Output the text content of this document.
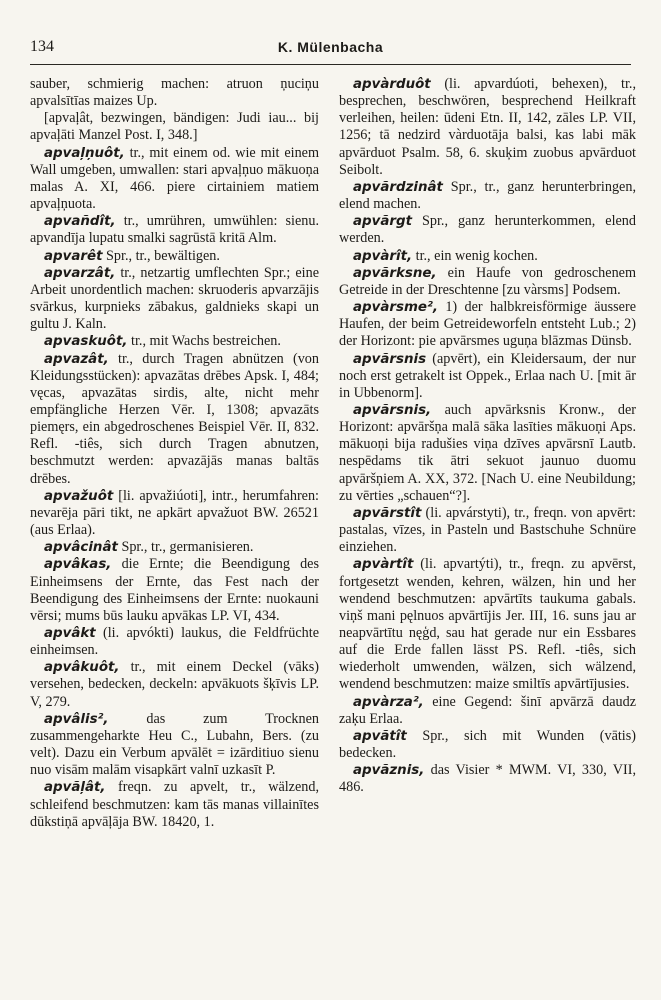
134	K. Mülenbacha

sauber, schmierig machen: atruon ņuciņu apvalsītīas maizes Up.

[apvaļât, bezwingen, bändigen: Judi iau... bij apvaļāti Manzel Post. I, 348.]

apvaļņuôt, tr., mit einem od. wie mit einem Wall umgeben, umwallen: stari apvaļņuo mākuoņa malas A. XI, 466. piere cirtainiem matiem apvaļņuota.

apvañdît, tr., umrühren, umwühlen: sienu. apvandīja lupatu smalki sagrūstā kritā Alm.

apvarêt Spr., tr., bewältigen.

apvarzât, tr., netzartig umflechten Spr.; eine Arbeit unordentlich machen: skruoderis apvarzājis svārkus, kurpnieks zābakus, galdnieks skapi un gultu J. Kaln.

apvaskuôt, tr., mit Wachs bestreichen.

apvazât, tr., durch Tragen abnützen (von Kleidungsstücken): apvazātas drēbes Apsk. I, 484; vęcas, apvazātas sirdis, alte, nicht mehr empfängliche Herzen Vēr. I, 1308; apvazāts piemęrs, ein abgedroschenes Beispiel Vēr. II, 832. Refl. -tiês, sich durch Tragen abnutzen, beschmutzt werden: apvazājās manas baltās drēbes.

apvažuôt [li. apvažiúoti], intr., herumfahren: nevarēja pāri tikt, ne apkārt apvažuot BW. 26521 (aus Erlaa).

apvâcinât Spr., tr., germanisieren.

apvâkas, die Ernte; die Beendigung des Einheimsens der Ernte, das Fest nach der Beendigung des Einheimsens der Ernte: nuokauni vērsi; mums būs lauku apvākas LP. VI, 434.

apvâkt (li. apvókti) laukus, die Feldfrüchte einheimsen.

apvâkuôt, tr., mit einem Deckel (vāks) versehen, bedecken, deckeln: apvākuots šķīvis LP. V, 279.

apvâlis²,	das zum Trocknen zusammengeharkte Heu C., Lubahn, Bers. (zu velt). Dazu ein Verbum apvālēt = izārditiuo sienu nuo visām malām visapkārt valnī uzkasīt P.

apvãļât, freqn. zu apvelt, tr., wälzend, schleifend beschmutzen: kam tās manas villainītes dūkstiņā apvāļāja BW. 18420, 1.

apvàrduôt (li. apvardúoti, behexen), tr., besprechen, beschwören, besprechend Heilkraft verleihen, heilen: ūdeni Etn. II, 142, zāles LP. VII, 1256; tā nedzird vàrduotāja balsi, kas labi māk apvārduot Psalm. 58, 6. skuķim zuobus apvārduot Seibolt.

apvãrdzinât Spr., tr., ganz herunterbringen, elend machen.

apvãrgt Spr., ganz herunterkommen, elend werden.

apvàrît, tr., ein wenig kochen.

apvãrksne, ein Haufe von gedroschenem Getreide in der Dreschtenne [zu vàrsms] Podsem.

apvàrsme², 1) der halbkreisförmige äussere Haufen, der beim Getreideworfeln entsteht Lub.; 2) der Horizont: pie apvārsmes uguņa blāzmas Dünsb.

apvãrsnis (apvērt), ein Kleidersaum, der nur noch erst getrakelt ist Oppek., Erlaa nach U. [mit ār in Ubbenorm].

apvãrsnis, auch apvārksnis Kronw., der Horizont: apvāršņa malā sāka lasīties mākuoņi Aps. mākuoņi bija radušies viņa dzīves apvārsnī Lautb. nespēdams tik ātri sekuot jaunuo duomu apvāršņiem A. XX, 372. [Nach U. eine Neubildung; zu vērties „schauen“?].

apvãrstît (li. apvárstyti), tr., freqn. von apvērt: pastalas, vīzes, in Pasteln und Bastschuhe Schnüre einziehen.

apvàrtît (li. apvartýti), tr., freqn. zu apvērst, fortgesetzt wenden, kehren, wälzen, hin und her wendend beschmutzen: apvārtīts taukuma gabals. viņš mani pęlnuos apvārtījis Jer. III, 16. suns jau ar neapvārtītu nęģd, sau hat gerade nur ein Essbares auf die Erde fallen lässt PS. Refl. -tiês, sich wiederholt umwenden, wälzen, sich wälzend, wendend beschmutzen: maize smiltīs apvārtījusies.

apvàrza², eine Gegend: šinī apvārzā daudz zaķu Erlaa.

apvãtît Spr., sich mit Wunden (vātis) bedecken.

apvãznis, das Visier * MWM. VI, 330, VII, 486.
